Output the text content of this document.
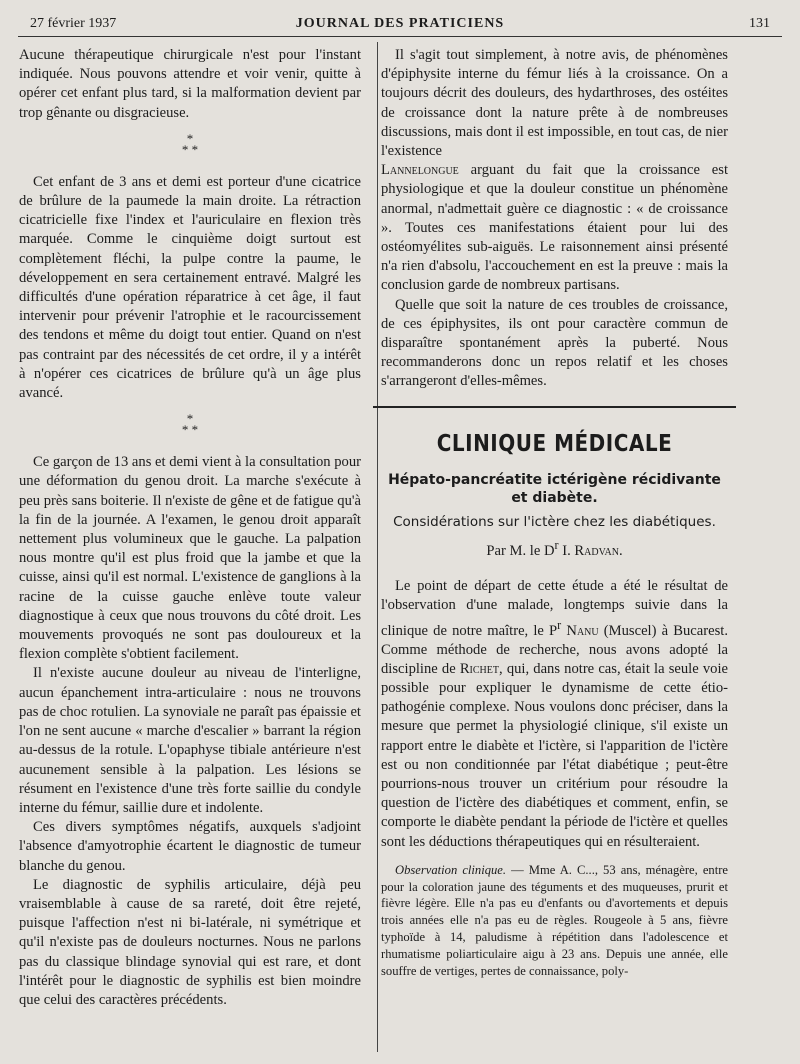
27 février 1937	JOURNAL DES PRATICIENS	131

Aucune thérapeutique chirurgicale n'est pour l'instant indiquée. Nous pouvons attendre et voir venir, quitte à opérer cet enfant plus tard, si la malformation devient par trop gênante ou disgracieuse.

*
* *

Cet enfant de 3 ans et demi est porteur d'une cicatrice de brûlure de la paumede la main droite. La rétraction cicatricielle fixe l'index et l'auriculaire en flexion très marquée. Comme le cinquième doigt surtout est complètement fléchi, la pulpe contre la paume, le développement en sera certainement entravé. Malgré les difficultés d'une opération réparatrice à cet âge, il faut intervenir pour prévenir l'atrophie et le racourcissement des tendons et même du doigt tout entier. Quand on n'est pas contraint par des nécessités de cet ordre, il y a intérêt à n'opérer ces cicatrices de brûlure qu'à un âge plus avancé.

*
* *

Ce garçon de 13 ans et demi vient à la consultation pour une déformation du genou droit. La marche s'exécute à peu près sans boiterie. Il n'existe de gêne et de fatigue qu'à la fin de la journée. A l'examen, le genou droit apparaît nettement plus volumineux que le gauche. La palpation nous montre qu'il est plus froid que la jambe et que la cuisse, ainsi qu'il est normal. L'existence de ganglions à la racine de la cuisse gauche enlève toute valeur diagnostique à ceux que nous trouvons du côté droit. Les mouvements provoqués ne sont pas douloureux et la flexion complète s'obtient facilement.

Il n'existe aucune douleur au niveau de l'interligne, aucun épanchement intra-articulaire : nous ne trouvons pas de choc rotulien. La synoviale ne paraît pas épaissie et l'on ne sent aucune « marche d'escalier » barrant la région au-dessus de la rotule. L'opaphyse tibiale antérieure n'est aucunement sensible à la palpation. Les lésions se résument en l'existence d'une très forte saillie du condyle interne du fémur, saillie dure et indolente.

Ces divers symptômes négatifs, auxquels s'adjoint l'absence d'amyotrophie écartent le diagnostic de tumeur blanche du genou.

Le diagnostic de syphilis articulaire, déjà peu vraisemblable à cause de sa rareté, doit être rejeté, puisque l'affection n'est ni bi-latérale, ni symétrique et qu'il n'existe pas de douleurs nocturnes. Nous ne parlons pas du classique blindage synovial qui est rare, et dont l'intérêt pour le diagnostic de syphilis est bien moindre que celui des caractères précédents.

Il s'agit tout simplement, à notre avis, de phénomènes d'épiphysite interne du fémur liés à la croissance. On a toujours décrit des douleurs, des hydarthroses, des ostéites de croissance dont la nature prête à de nombreuses discussions, mais dont il est impossible, en tout cas, de nier l'existence

Lannelongue arguant du fait que la croissance est physiologique et que la douleur constitue un phénomène anormal, n'admettait guère ce diagnostic : « de croissance ». Toutes ces manifestations étaient pour lui des ostéomyélites sub-aiguës. Le raisonnement ainsi présenté n'a rien d'absolu, l'accouchement en est la preuve : mais la conclusion garde de nombreux partisans.

Quelle que soit la nature de ces troubles de croissance, de ces épiphysites, ils ont pour caractère commun de disparaître spontanément après la puberté. Nous recommanderons donc un repos relatif et les choses s'arrangeront d'elles-mêmes.

CLINIQUE MÉDICALE
Hépato-pancréatite ictérigène récidivante et diabète.
Considérations sur l'ictère chez les diabétiques.
Par M. le $D^r$ I. Radvan.

Le point de départ de cette étude a été le résultat de l'observation d'une malade, longtemps suivie dans la clinique de notre maître, le $P^r$ Nanu (Muscel) à Bucarest. Comme méthode de recherche, nous avons adopté la discipline de Richet, qui, dans notre cas, était la seule voie possible pour expliquer le dynamisme de cette étio-pathogénie complexe. Nous voulons donc préciser, dans la mesure que permet la physiologié clinique, s'il existe un rapport entre le diabète et l'ictère, si l'apparition de l'ictère est ou non conditionnée par l'état diabétique ; peut-être pourrions-nous trouver un critérium pour résoudre la question de l'ictère des diabétiques et comment, enfin, se comporte le diabète pendant la période de l'ictère et quelles sont les déductions thérapeutiques qui en résulteraient.

Observation clinique. — Mme A. C..., 53 ans, ménagère, entre pour la coloration jaune des téguments et des muqueuses, prurit et fièvre légère. Elle n'a pas eu d'enfants ou d'avortements et depuis trois années elle n'a pas eu de règles. Rougeole à 5 ans, fièvre typhoïde à 14, paludisme à répétition dans l'adolescence et rhumatisme poliarticulaire aigu à 23 ans. Depuis une année, elle souffre de vertiges, pertes de connaissance, poly-
